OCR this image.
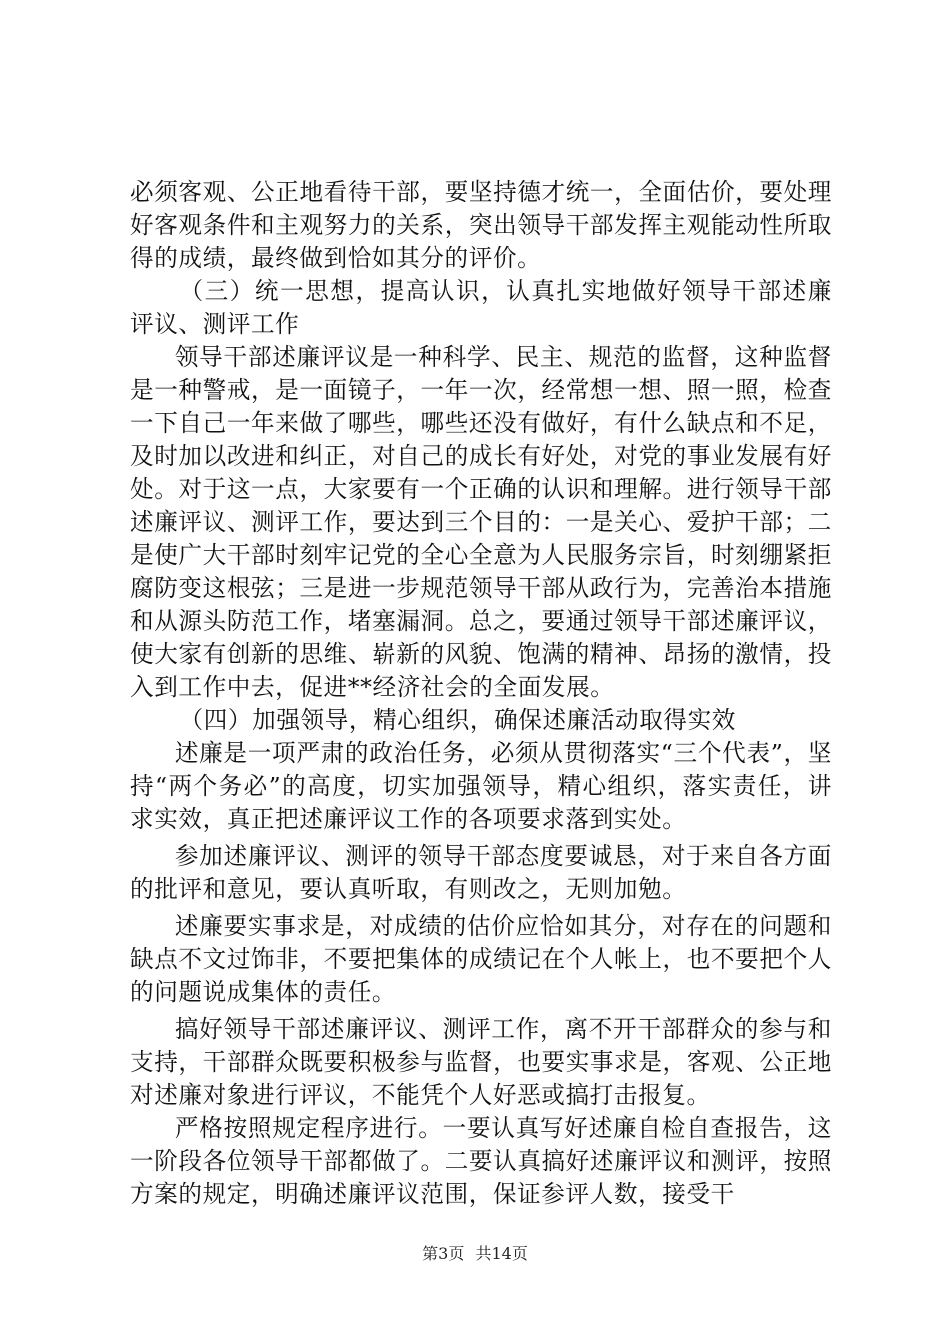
必须客观、公正地看待干部，要坚持德才统一，全面估价，要处理好客观条件和主观努力的关系，突出领导干部发挥主观能动性所取得的成绩，最终做到恰如其分的评价。

（三）统一思想，提高认识，认真扎实地做好领导干部述廉评议、测评工作

领导干部述廉评议是一种科学、民主、规范的监督，这种监督是一种警戒，是一面镜子，一年一次，经常想一想、照一照，检查一下自己一年来做了哪些，哪些还没有做好，有什么缺点和不足，及时加以改进和纠正，对自己的成长有好处，对党的事业发展有好处。对于这一点，大家要有一个正确的认识和理解。进行领导干部述廉评议、测评工作，要达到三个目的：一是关心、爱护干部；二是使广大干部时刻牢记党的全心全意为人民服务宗旨，时刻绷紧拒腐防变这根弦；三是进一步规范领导干部从政行为，完善治本措施和从源头防范工作，堵塞漏洞。总之，要通过领导干部述廉评议，使大家有创新的思维、崭新的风貌、饱满的精神、昂扬的激情，投入到工作中去，促进**经济社会的全面发展。

（四）加强领导，精心组织，确保述廉活动取得实效

述廉是一项严肃的政治任务，必须从贯彻落实“三个代表”，坚持“两个务必”的高度，切实加强领导，精心组织，落实责任，讲求实效，真正把述廉评议工作的各项要求落到实处。

参加述廉评议、测评的领导干部态度要诚恳，对于来自各方面的批评和意见，要认真听取，有则改之，无则加勉。

述廉要实事求是，对成绩的估价应恰如其分，对存在的问题和缺点不文过饰非，不要把集体的成绩记在个人帐上，也不要把个人的问题说成集体的责任。

搞好领导干部述廉评议、测评工作，离不开干部群众的参与和支持，干部群众既要积极参与监督，也要实事求是，客观、公正地对述廉对象进行评议，不能凭个人好恶或搞打击报复。

严格按照规定程序进行。一要认真写好述廉自检自查报告，这一阶段各位领导干部都做了。二要认真搞好述廉评议和测评，按照方案的规定，明确述廉评议范围，保证参评人数，接受干

第3页 共14页
